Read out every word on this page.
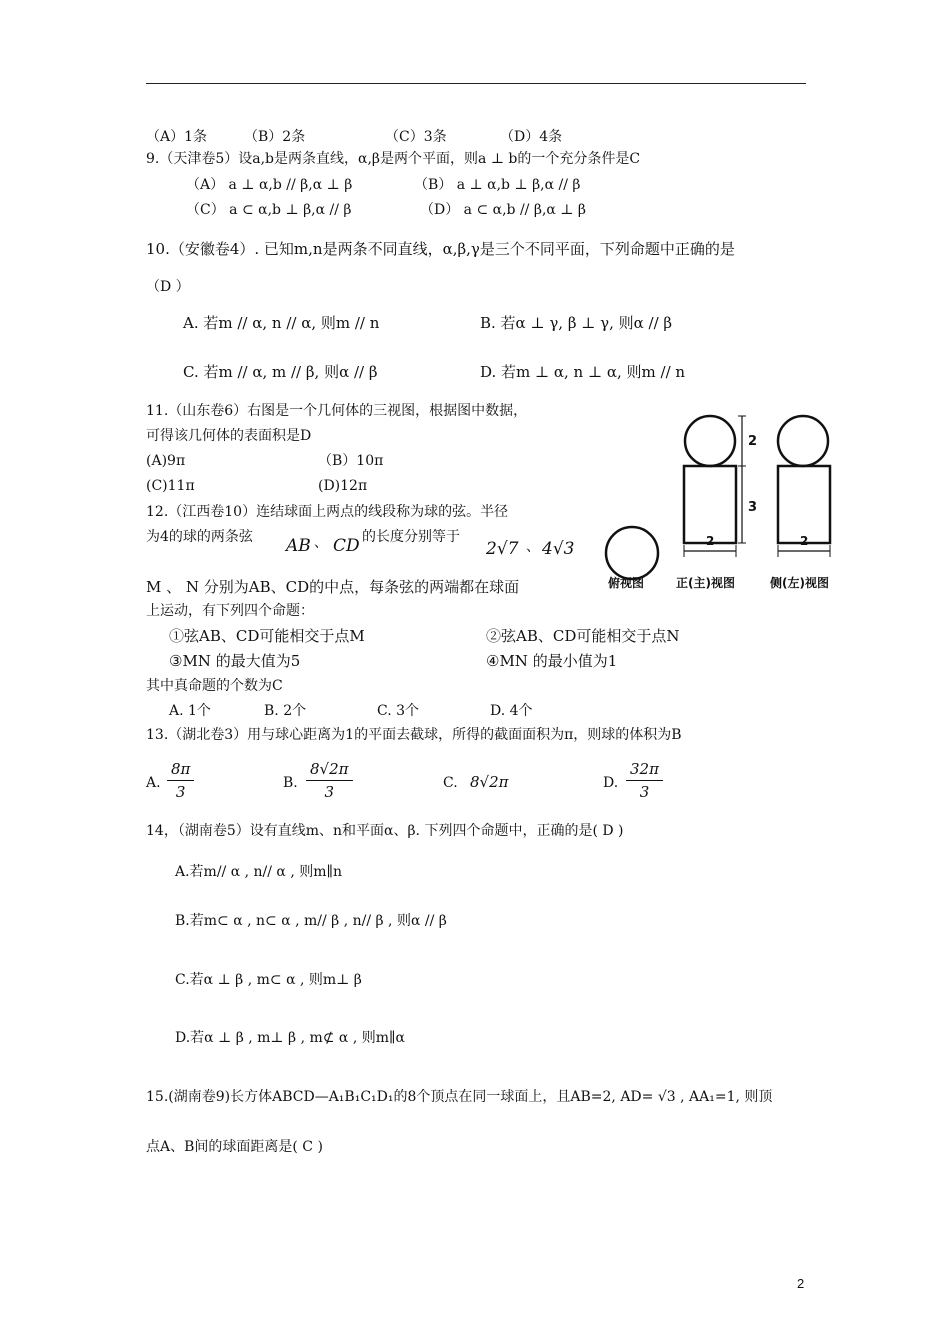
（A）1条	（B）2条	（C）3条	（D）4条
9.（天津卷5）设a,b是两条直线，α,β是两个平面，则a ⊥ b的一个充分条件是C
（A） a ⊥ α,b // β,α ⊥ β	（B） a ⊥ α,b ⊥ β,α // β
（C） a ⊂ α,b ⊥ β,α // β	（D） a ⊂ α,b // β,α ⊥ β
10.（安徽卷4）. 已知m,n是两条不同直线，α,β,γ是三个不同平面，下列命题中正确的是
（D ）
A. 若m // α, n // α, 则m // n	B. 若α ⊥ γ, β ⊥ γ, 则α // β
C. 若m // α, m // β, 则α // β	D. 若m ⊥ α, n ⊥ α, 则m // n
11.（山东卷6）右图是一个几何体的三视图，根据图中数据，
可得该几何体的表面积是D
(A)9π	（B）10π
(C)11π	(D)12π
2
3
2	2
俯视图	正(主)视图	侧(左)视图
12.（江西卷10）连结球面上两点的线段称为球的弦。半径
为4的球的两条弦 AB 、 CD 的长度分别等于
2√7 、 4√3
M 、 N 分别为AB、CD的中点，每条弦的两端都在球面
上运动，有下列四个命题：
①弦AB、CD可能相交于点M	②弦AB、CD可能相交于点N
③MN 的最大值为5	④MN 的最小值为1
其中真命题的个数为C
A. 1个	B. 2个	C. 3个	D. 4个
13.（湖北卷3）用与球心距离为1的平面去截球，所得的截面面积为π，则球的体积为B
A. $\frac{8\pi}{3}$	B. $\frac{8√2\pi}{3}$	C. 8√2π	D. $\frac{32\pi}{3}$
14，（湖南卷5）设有直线m、n和平面α、β. 下列四个命题中，正确的是( D )
A.若m// α , n// α , 则m∥n
B.若m⊂ α , n⊂ α , m// β , n// β , 则α // β
C.若α ⊥ β , m⊂ α , 则m⊥ β
D.若α ⊥ β , m⊥ β , m⊄ α , 则m∥α
15.(湖南卷9)长方体ABCD—A₁B₁C₁D₁的8个顶点在同一球面上，且AB=2, AD= √3 , AA₁=1, 则顶
点A、B间的球面距离是( C )
2
